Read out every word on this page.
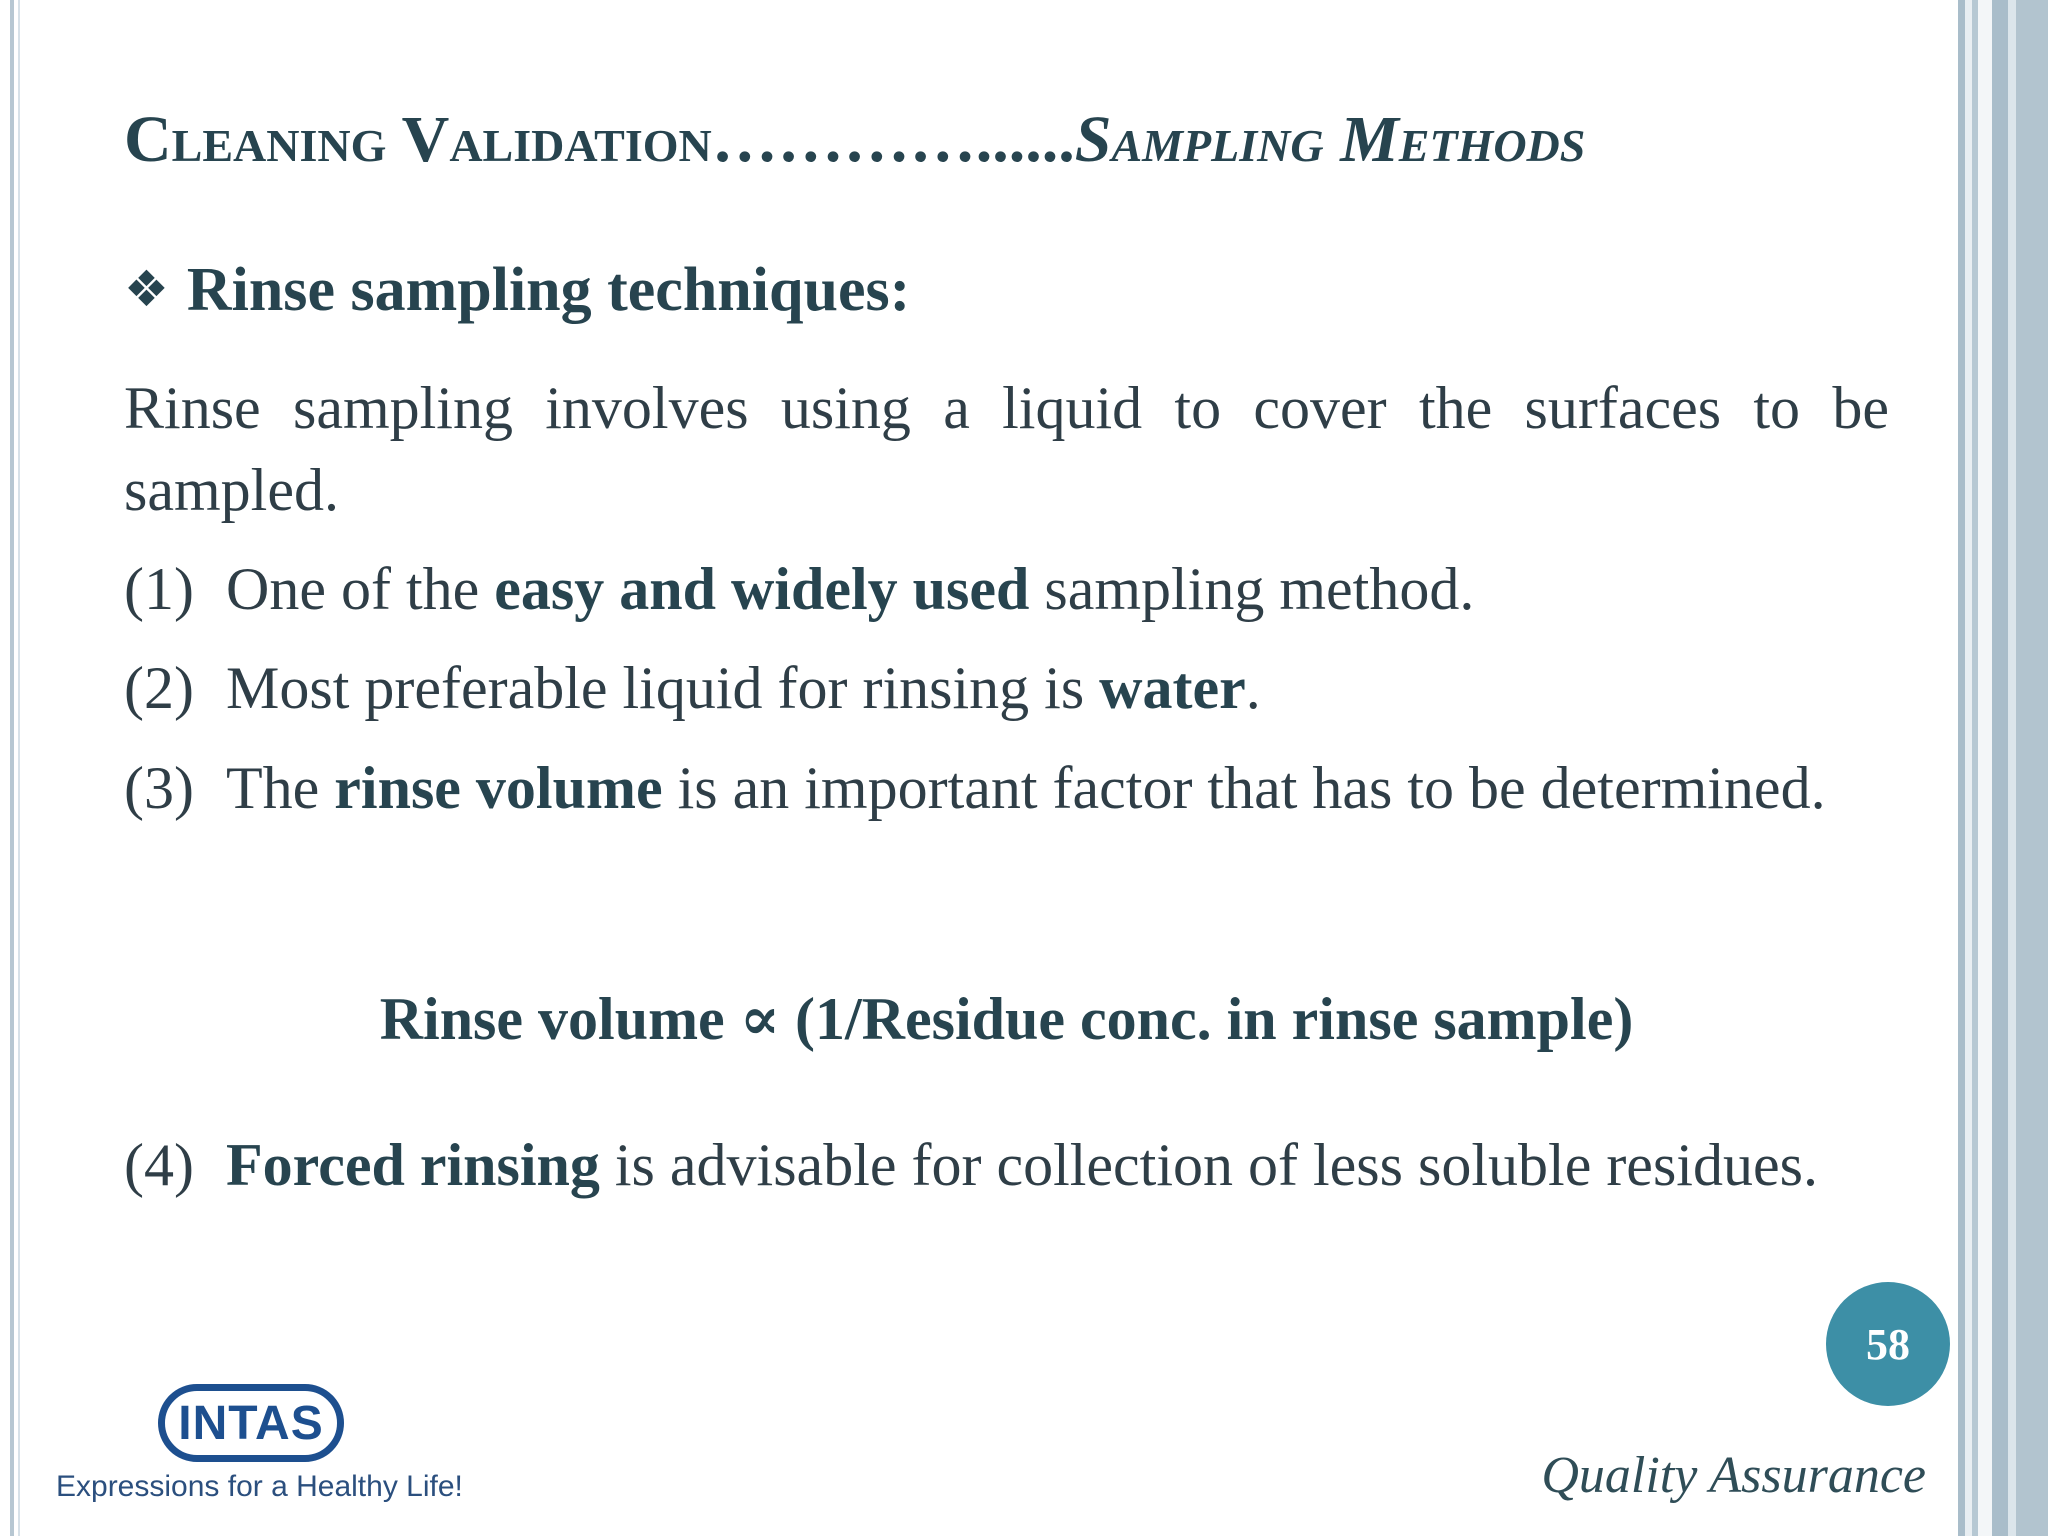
Cleaning Validation…………......Sampling Methods
❖ Rinse sampling techniques:
Rinse sampling involves using a liquid to cover the surfaces to be sampled.
(1) One of the easy and widely used sampling method.
(2) Most preferable liquid for rinsing is water.
(3) The rinse volume is an important factor that has to be determined.
Rinse volume ∝ (1/Residue conc. in rinse sample)
(4) Forced rinsing is advisable for collection of less soluble residues.
58
INTAS
Expressions for a Healthy Life!	Quality Assurance
